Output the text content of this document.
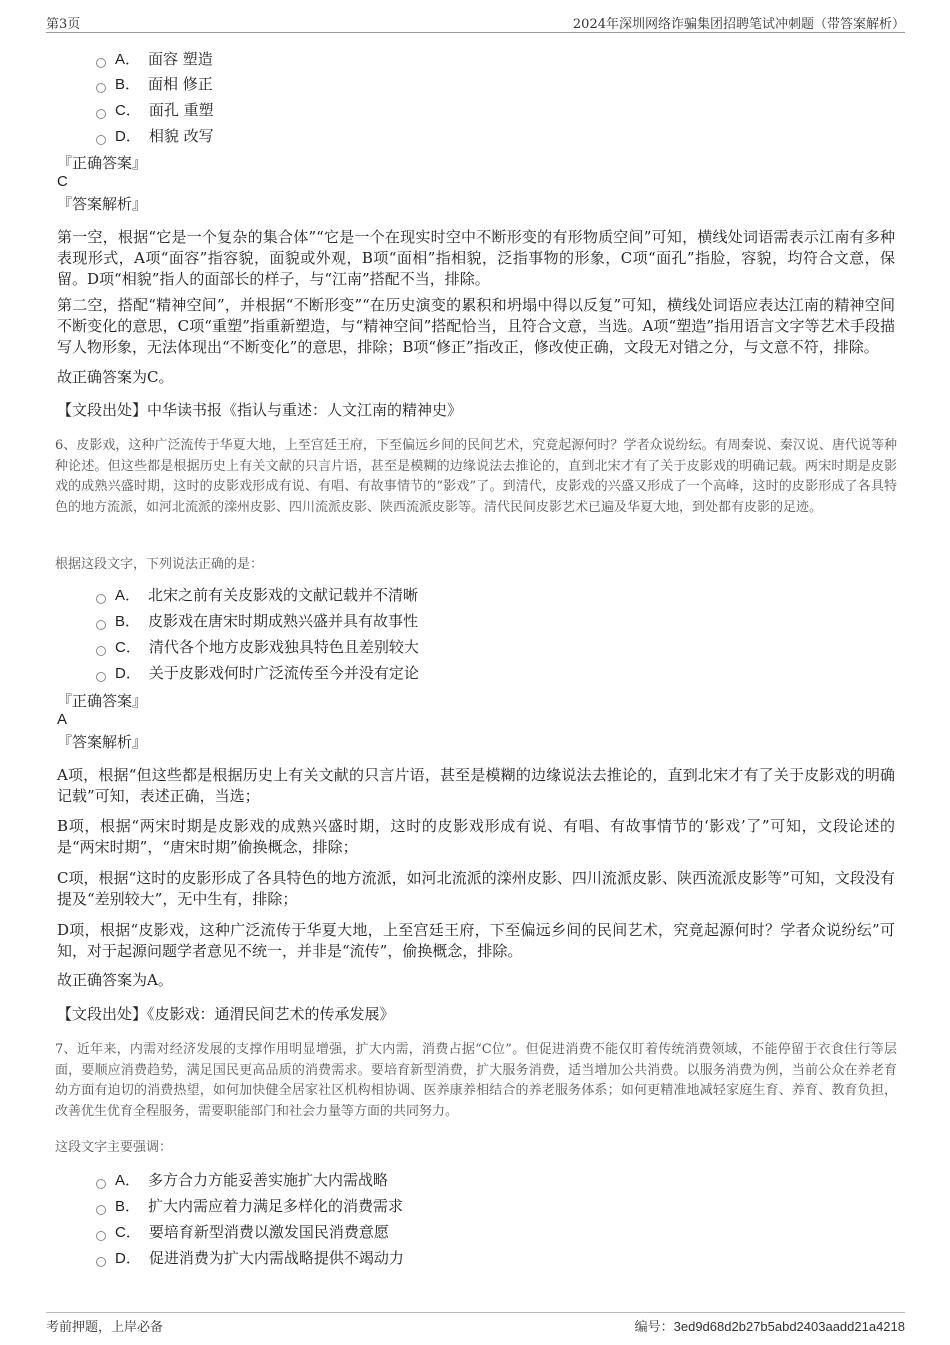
第3页	2024年深圳网络诈骗集团招聘笔试冲刺题（带答案解析）
A． 面容 塑造
B． 面相 修正
C． 面孔 重塑
D． 相貌 改写
『正确答案』
C
『答案解析』
第一空，根据“它是一个复杂的集合体”“它是一个在现实时空中不断形变的有形物质空间”可知，横线处词语需表示江南有多种表现形式，A项“面容”指容貌，面貌或外观，B项“面相”指相貌，泛指事物的形象，C项“面孔”指脸，容貌，均符合文意，保留。D项“相貌”指人的面部长的样子，与“江南”搭配不当，排除。
第二空，搭配“精神空间”，并根据“不断形变”“在历史演变的累积和坍塌中得以反复”可知，横线处词语应表达江南的精神空间不断变化的意思，C项“重塑”指重新塑造，与“精神空间”搭配恰当，且符合文意，当选。A项“塑造”指用语言文字等艺术手段描写人物形象，无法体现出“不断变化”的意思，排除；B项“修正”指改正，修改使正确，文段无对错之分，与文意不符，排除。
故正确答案为C。
【文段出处】中华读书报《指认与重述：人文江南的精神史》
6、皮影戏，这种广泛流传于华夏大地，上至宫廷王府，下至偏远乡间的民间艺术，究竟起源何时？学者众说纷纭。有周秦说、秦汉说、唐代说等种种论述。但这些都是根据历史上有关文献的只言片语，甚至是模糊的边缘说法去推论的，直到北宋才有了关于皮影戏的明确记载。两宋时期是皮影戏的成熟兴盛时期，这时的皮影戏形成有说、有唱、有故事情节的“影戏”了。到清代，皮影戏的兴盛又形成了一个高峰，这时的皮影形成了各具特色的地方流派，如河北流派的滦州皮影、四川流派皮影、陕西流派皮影等。清代民间皮影艺术已遍及华夏大地，到处都有皮影的足迹。
根据这段文字，下列说法正确的是：
A． 北宋之前有关皮影戏的文献记载并不清晰
B． 皮影戏在唐宋时期成熟兴盛并具有故事性
C． 清代各个地方皮影戏独具特色且差别较大
D． 关于皮影戏何时广泛流传至今并没有定论
『正确答案』
A
『答案解析』
A项，根据“但这些都是根据历史上有关文献的只言片语，甚至是模糊的边缘说法去推论的，直到北宋才有了关于皮影戏的明确记载”可知，表述正确，当选；
B项，根据“两宋时期是皮影戏的成熟兴盛时期，这时的皮影戏形成有说、有唱、有故事情节的‘影戏’了”可知，文段论述的是“两宋时期”，“唐宋时期”偷换概念，排除；
C项，根据“这时的皮影形成了各具特色的地方流派，如河北流派的滦州皮影、四川流派皮影、陕西流派皮影等”可知，文段没有提及“差别较大”，无中生有，排除；
D项，根据“皮影戏，这种广泛流传于华夏大地，上至宫廷王府，下至偏远乡间的民间艺术，究竟起源何时？学者众说纷纭”可知，对于起源问题学者意见不统一，并非是“流传”，偷换概念，排除。
故正确答案为A。
【文段出处】《皮影戏：通渭民间艺术的传承发展》
7、近年来，内需对经济发展的支撑作用明显增强，扩大内需，消费占据“C位”。但促进消费不能仅盯着传统消费领域，不能停留于衣食住行等层面，要顺应消费趋势，满足国民更高品质的消费需求。要培育新型消费，扩大服务消费，适当增加公共消费。以服务消费为例，当前公众在养老育幼方面有迫切的消费热望，如何加快健全居家社区机构相协调、医养康养相结合的养老服务体系；如何更精准地减轻家庭生育、养育、教育负担，改善优生优育全程服务，需要职能部门和社会力量等方面的共同努力。
这段文字主要强调：
A． 多方合力方能妥善实施扩大内需战略
B． 扩大内需应着力满足多样化的消费需求
C． 要培育新型消费以激发国民消费意愿
D． 促进消费为扩大内需战略提供不竭动力
考前押题，上岸必备	编号：3ed9d68d2b27b5abd2403aadd21a4218
